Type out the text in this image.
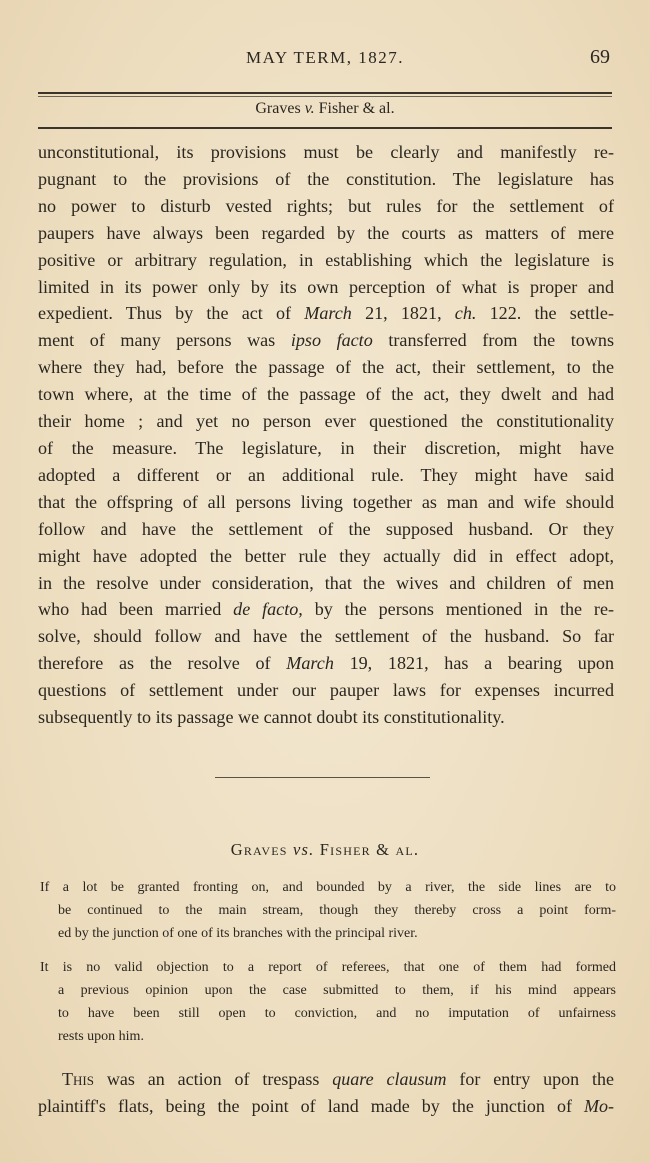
MAY TERM, 1827.	69
Graves v. Fisher & al.
unconstitutional, its provisions must be clearly and manifestly re-
pugnant to the provisions of the constitution. The legislature has
no power to disturb vested rights; but rules for the settlement of
paupers have always been regarded by the courts as matters of mere
positive or arbitrary regulation, in establishing which the legislature is
limited in its power only by its own perception of what is proper and
expedient. Thus by the act of March 21, 1821, ch. 122. the settle-
ment of many persons was ipso facto transferred from the towns
where they had, before the passage of the act, their settlement, to the
town where, at the time of the passage of the act, they dwelt and had
their home ; and yet no person ever questioned the constitutionality
of the measure. The legislature, in their discretion, might have
adopted a different or an additional rule. They might have said
that the offspring of all persons living together as man and wife should
follow and have the settlement of the supposed husband. Or they
might have adopted the better rule they actually did in effect adopt,
in the resolve under consideration, that the wives and children of men
who had been married de facto, by the persons mentioned in the re-
solve, should follow and have the settlement of the husband. So far
therefore as the resolve of March 19, 1821, has a bearing upon
questions of settlement under our pauper laws for expenses incurred
subsequently to its passage we cannot doubt its constitutionality.
Graves vs. Fisher & al.
If a lot be granted fronting on, and bounded by a river, the side lines are to
be continued to the main stream, though they thereby cross a point form-
ed by the junction of one of its branches with the principal river.
It is no valid objection to a report of referees, that one of them had formed
a previous opinion upon the case submitted to them, if his mind appears
to have been still open to conviction, and no imputation of unfairness
rests upon him.
This was an action of trespass quare clausum for entry upon the
plaintiff's flats, being the point of land made by the junction of Mo-
